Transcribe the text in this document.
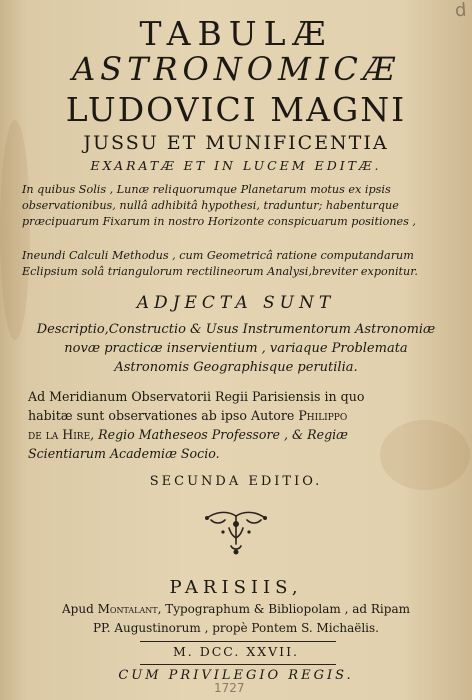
d
TABULÆ
ASTRONOMICÆ
LUDOVICI MAGNI
JUSSU ET MUNIFICENTIA
EXARATÆ ET IN LUCEM EDITÆ.
In quibus Solis , Lunæ reliquorumque Planetarum motus ex ipsis
observationibus, nullâ adhibitâ hypothesi, traduntur; habenturque
præcipuarum Fixarum in nostro Horizonte conspicuarum positiones ,
Ineundi Calculi Methodus , cum Geometricâ ratione computandarum
Eclipsium solâ triangulorum rectilineorum Analysi,breviter exponitur.
ADJECTA SUNT
Descriptio,Constructio & Usus Instrumentorum Astronomiæ
novæ practicæ inservientium , variaque Problemata
Astronomis Geographisque perutilia.
Ad Meridianum Observatorii Regii Parisiensis in quo
habitæ sunt observationes ab ipso Autore Philippo
de la Hire, Regio Matheseos Professore , & Regiæ
Scientiarum Academiæ Socio.
SECUNDA EDITIO.
PARISIIS,
Apud Montalant, Typographum & Bibliopolam , ad Ripam
PP. Augustinorum , propè Pontem S. Michaëlis.
M. DCC. XXVII.
CUM PRIVILEGIO REGIS.
1727
